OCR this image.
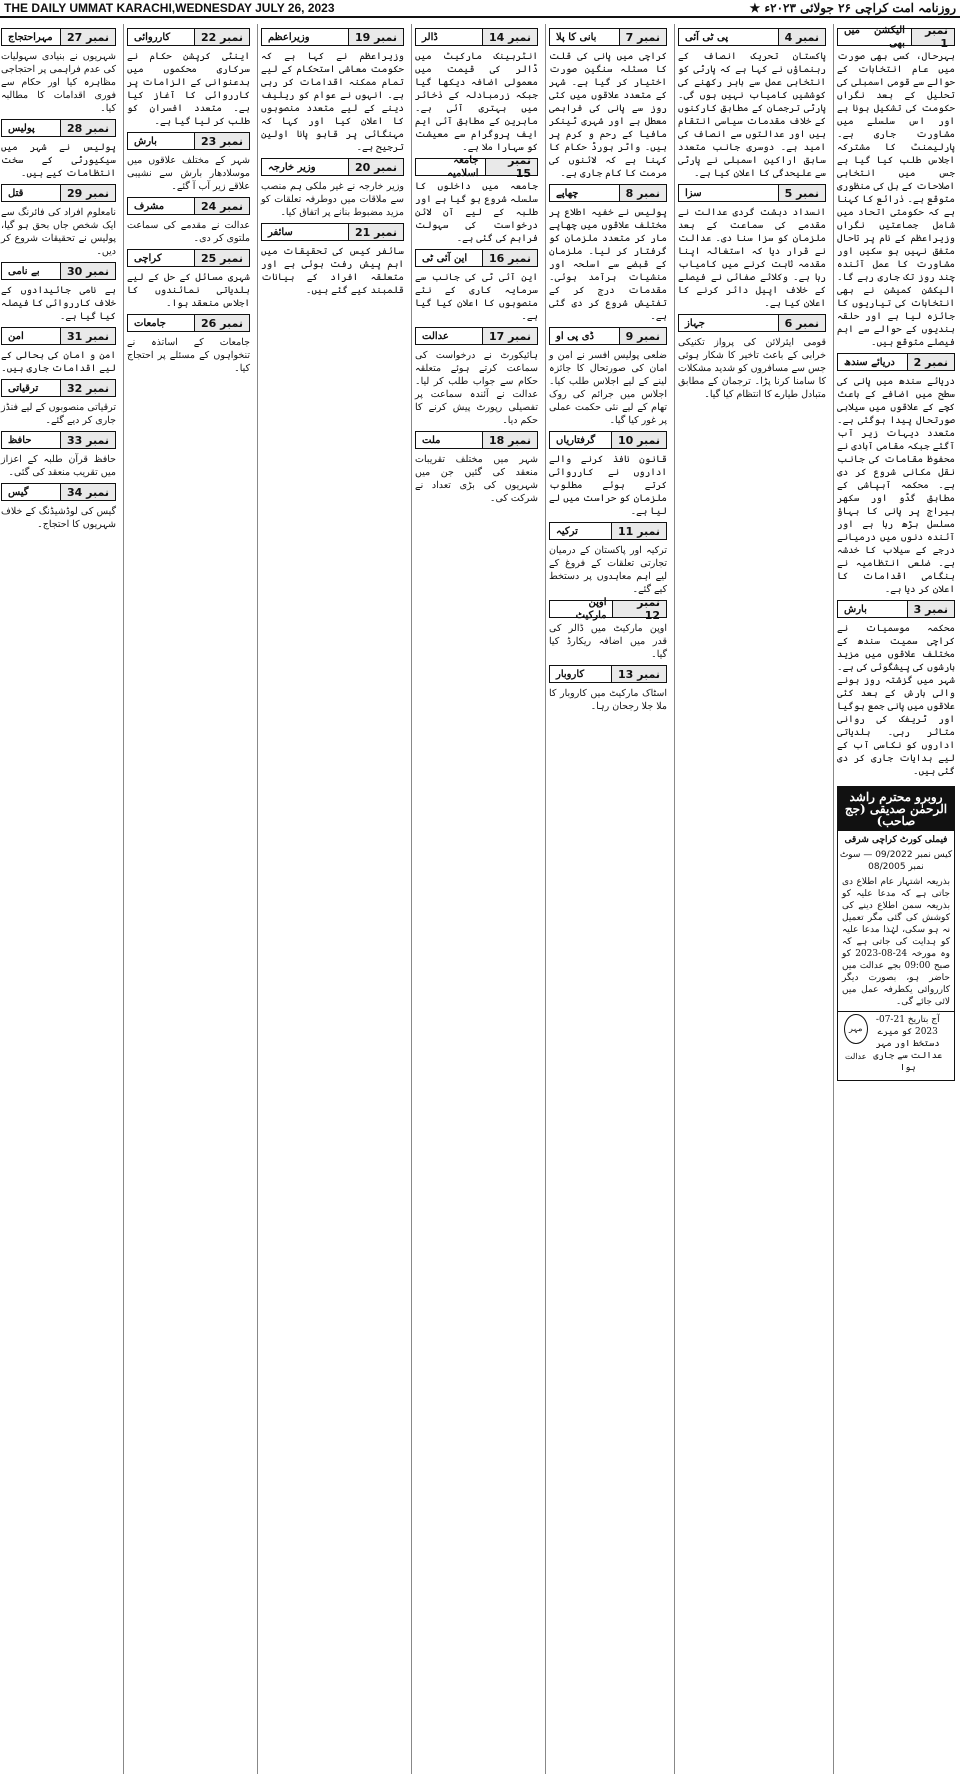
THE DAILY UMMAT KARACHI,WEDNESDAY JULY 26, 2023	روزنامہ امت کراچی ۲۶ جولائی ۲۰۲۳ء ★
نمبر 1
الیکشن میں بھی

بہرحال، کسی بھی صورت میں عام انتخابات کے حوالے سے قومی اسمبلی کی تحلیل کے بعد نگراں حکومت کی تشکیل ہونا ہے اور اس سلسلے میں مشاورت جاری ہے۔ پارلیمنٹ کا مشترکہ اجلاس طلب کیا گیا ہے جس میں انتخابی اصلاحات کے بل کی منظوری متوقع ہے۔ ذرائع کا کہنا ہے کہ حکومتی اتحاد میں شامل جماعتیں نگراں وزیراعظم کے نام پر تاحال متفق نہیں ہو سکیں اور مشاورت کا عمل آئندہ چند روز تک جاری رہے گا۔ الیکشن کمیشن نے بھی انتخابات کی تیاریوں کا جائزہ لیا ہے اور حلقہ بندیوں کے حوالے سے اہم فیصلے متوقع ہیں۔

نمبر 2
دریائے سندھ

دریائے سندھ میں پانی کی سطح میں اضافے کے باعث کچے کے علاقوں میں سیلابی صورتحال پیدا ہوگئی ہے۔ متعدد دیہات زیر آب آگئے جبکہ مقامی آبادی نے محفوظ مقامات کی جانب نقل مکانی شروع کر دی ہے۔ محکمہ آبپاشی کے مطابق گڈو اور سکھر بیراج پر پانی کا بہاؤ مسلسل بڑھ رہا ہے اور آئندہ دنوں میں درمیانے درجے کے سیلاب کا خدشہ ہے۔ ضلعی انتظامیہ نے ہنگامی اقدامات کا اعلان کر دیا ہے۔

نمبر 3
بارش

محکمہ موسمیات نے کراچی سمیت سندھ کے مختلف علاقوں میں مزید بارشوں کی پیشگوئی کی ہے۔ شہر میں گزشتہ روز ہونے والی بارش کے بعد کئی علاقوں میں پانی جمع ہوگیا اور ٹریفک کی روانی متاثر رہی۔ بلدیاتی اداروں کو نکاسی آب کے لیے ہدایات جاری کر دی گئی ہیں۔

روبرو محترم راشد الرحمٰن صدیقی (جج صاحب)
فیملی کورٹ کراچی شرقی
کیس نمبر 09/2022 — سوٹ نمبر 08/2005
بذریعہ اشتہار عام اطلاع دی جاتی ہے کہ مدعا علیہ کو بذریعہ سمن اطلاع دینے کی کوشش کی گئی مگر تعمیل نہ ہو سکی، لہٰذا مدعا علیہ کو ہدایت کی جاتی ہے کہ وہ مورخہ 24-08-2023 کو صبح 09:00 بجے عدالت میں حاضر ہو، بصورت دیگر کارروائی یکطرفہ عمل میں لائی جائے گی۔
آج بتاریخ 21-07-2023 کو میرے دستخط اور مہر عدالت سے جاری ہوا
مہر عدالت
نمبر 4
پی ٹی آئی

پاکستان تحریک انصاف کے رہنماؤں نے کہا ہے کہ پارٹی کو انتخابی عمل سے باہر رکھنے کی کوششیں کامیاب نہیں ہوں گی۔ پارٹی ترجمان کے مطابق کارکنوں کے خلاف مقدمات سیاسی انتقام ہیں اور عدالتوں سے انصاف کی امید ہے۔ دوسری جانب متعدد سابق اراکین اسمبلی نے پارٹی سے علیحدگی کا اعلان کیا ہے۔

نمبر 5
سزا

انسداد دہشت گردی عدالت نے مقدمے کی سماعت کے بعد ملزمان کو سزا سنا دی۔ عدالت نے قرار دیا کہ استغاثہ اپنا مقدمہ ثابت کرنے میں کامیاب رہا ہے۔ وکلائے صفائی نے فیصلے کے خلاف اپیل دائر کرنے کا اعلان کیا ہے۔

نمبر 6
جہاز

قومی ایئرلائن کی پرواز تکنیکی خرابی کے باعث تاخیر کا شکار ہوئی جس سے مسافروں کو شدید مشکلات کا سامنا کرنا پڑا۔ ترجمان کے مطابق متبادل طیارے کا انتظام کیا گیا۔

نمبر 7
بانی کا پلا

کراچی میں پانی کی قلت کا مسئلہ سنگین صورت اختیار کر گیا ہے۔ شہر کے متعدد علاقوں میں کئی روز سے پانی کی فراہمی معطل ہے اور شہری ٹینکر مافیا کے رحم و کرم پر ہیں۔ واٹر بورڈ حکام کا کہنا ہے کہ لائنوں کی مرمت کا کام جاری ہے۔

نمبر 8
چھاپے

پولیس نے خفیہ اطلاع پر مختلف علاقوں میں چھاپے مار کر متعدد ملزمان کو گرفتار کر لیا۔ ملزمان کے قبضے سے اسلحہ اور منشیات برآمد ہوئی۔ مقدمات درج کر کے تفتیش شروع کر دی گئی ہے۔

نمبر 9
ڈی پی او

ضلعی پولیس افسر نے امن و امان کی صورتحال کا جائزہ لینے کے لیے اجلاس طلب کیا۔ اجلاس میں جرائم کی روک تھام کے لیے نئی حکمت عملی پر غور کیا گیا۔

نمبر 10
گرفتاریاں

قانون نافذ کرنے والے اداروں نے کارروائی کرتے ہوئے مطلوب ملزمان کو حراست میں لے لیا ہے۔

نمبر 11
ترکیہ

ترکیہ اور پاکستان کے درمیان تجارتی تعلقات کے فروغ کے لیے اہم معاہدوں پر دستخط کیے گئے۔

نمبر 12
اوپن مارکیٹ

اوپن مارکیٹ میں ڈالر کی قدر میں اضافہ ریکارڈ کیا گیا۔

نمبر 13
کاروبار

اسٹاک مارکیٹ میں کاروبار کا ملا جلا رجحان رہا۔

نمبر 14
ڈالر

انٹربینک مارکیٹ میں ڈالر کی قیمت میں معمولی اضافہ دیکھا گیا جبکہ زرمبادلہ کے ذخائر میں بہتری آئی ہے۔ ماہرین کے مطابق آئی ایم ایف پروگرام سے معیشت کو سہارا ملا ہے۔

نمبر 15
جامعہ اسلامیہ

جامعہ میں داخلوں کا سلسلہ شروع ہو گیا ہے اور طلبہ کے لیے آن لائن درخواست کی سہولت فراہم کی گئی ہے۔

نمبر 16
این آئی ٹی

این آئی ٹی کی جانب سے سرمایہ کاری کے نئے منصوبوں کا اعلان کیا گیا ہے۔

نمبر 17
عدالت

ہائیکورٹ نے درخواست کی سماعت کرتے ہوئے متعلقہ حکام سے جواب طلب کر لیا۔ عدالت نے آئندہ سماعت پر تفصیلی رپورٹ پیش کرنے کا حکم دیا۔

نمبر 18
ملت

شہر میں مختلف تقریبات منعقد کی گئیں جن میں شہریوں کی بڑی تعداد نے شرکت کی۔

نمبر 19
وزیراعظم

وزیراعظم نے کہا ہے کہ حکومت معاشی استحکام کے لیے تمام ممکنہ اقدامات کر رہی ہے۔ انہوں نے عوام کو ریلیف دینے کے لیے متعدد منصوبوں کا اعلان کیا اور کہا کہ مہنگائی پر قابو پانا اولین ترجیح ہے۔

نمبر 20
وزیر خارجہ

وزیر خارجہ نے غیر ملکی ہم منصب سے ملاقات میں دوطرفہ تعلقات کو مزید مضبوط بنانے پر اتفاق کیا۔

نمبر 21
سائفر

سائفر کیس کی تحقیقات میں اہم پیش رفت ہوئی ہے اور متعلقہ افراد کے بیانات قلمبند کیے گئے ہیں۔

نمبر 22
کارروائی

اینٹی کرپشن حکام نے سرکاری محکموں میں بدعنوانی کے الزامات پر کارروائی کا آغاز کیا ہے۔ متعدد افسران کو طلب کر لیا گیا ہے۔

نمبر 23
بارش

شہر کے مختلف علاقوں میں موسلادھار بارش سے نشیبی علاقے زیر آب آ گئے۔

نمبر 24
مشرف

عدالت نے مقدمے کی سماعت ملتوی کر دی۔

نمبر 25
کراچی

شہری مسائل کے حل کے لیے بلدیاتی نمائندوں کا اجلاس منعقد ہوا۔

نمبر 26
جامعات

جامعات کے اساتذہ نے تنخواہوں کے مسئلے پر احتجاج کیا۔

نمبر 27
مہراحتجاج

شہریوں نے بنیادی سہولیات کی عدم فراہمی پر احتجاجی مظاہرہ کیا اور حکام سے فوری اقدامات کا مطالبہ کیا۔

نمبر 28
پولیس

پولیس نے شہر میں سیکیورٹی کے سخت انتظامات کیے ہیں۔

نمبر 29
قتل

نامعلوم افراد کی فائرنگ سے ایک شخص جاں بحق ہو گیا، پولیس نے تحقیقات شروع کر دیں۔

نمبر 30
بے نامی

بے نامی جائیدادوں کے خلاف کارروائی کا فیصلہ کیا گیا ہے۔

نمبر 31
امن

امن و امان کی بحالی کے لیے اقدامات جاری ہیں۔

نمبر 32
ترقیاتی

ترقیاتی منصوبوں کے لیے فنڈز جاری کر دیے گئے۔

نمبر 33
حافظ

حافظ قرآن طلبہ کے اعزاز میں تقریب منعقد کی گئی۔

نمبر 34
گیس

گیس کی لوڈشیڈنگ کے خلاف شہریوں کا احتجاج۔
